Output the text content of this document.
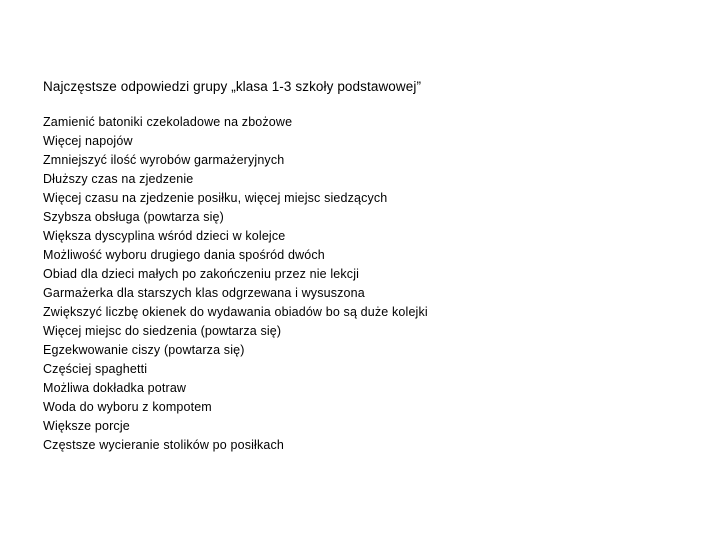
Najczęstsze odpowiedzi grupy „klasa 1-3 szkoły podstawowej”
Zamienić batoniki czekoladowe na zbożowe
Więcej napojów
Zmniejszyć ilość wyrobów garmażeryjnych
Dłuższy czas na zjedzenie
Więcej czasu na zjedzenie posiłku, więcej miejsc siedzących
Szybsza obsługa (powtarza się)
Większa dyscyplina wśród dzieci w kolejce
Możliwość wyboru drugiego dania spośród dwóch
Obiad dla dzieci małych po zakończeniu przez nie lekcji
Garmażerka dla starszych klas odgrzewana i wysuszona
Zwiększyć liczbę okienek do wydawania obiadów bo są duże kolejki
Więcej miejsc do siedzenia (powtarza się)
Egzekwowanie ciszy (powtarza się)
Częściej spaghetti
Możliwa dokładka potraw
Woda do wyboru z kompotem
Większe porcje
Częstsze wycieranie stolików po posiłkach
